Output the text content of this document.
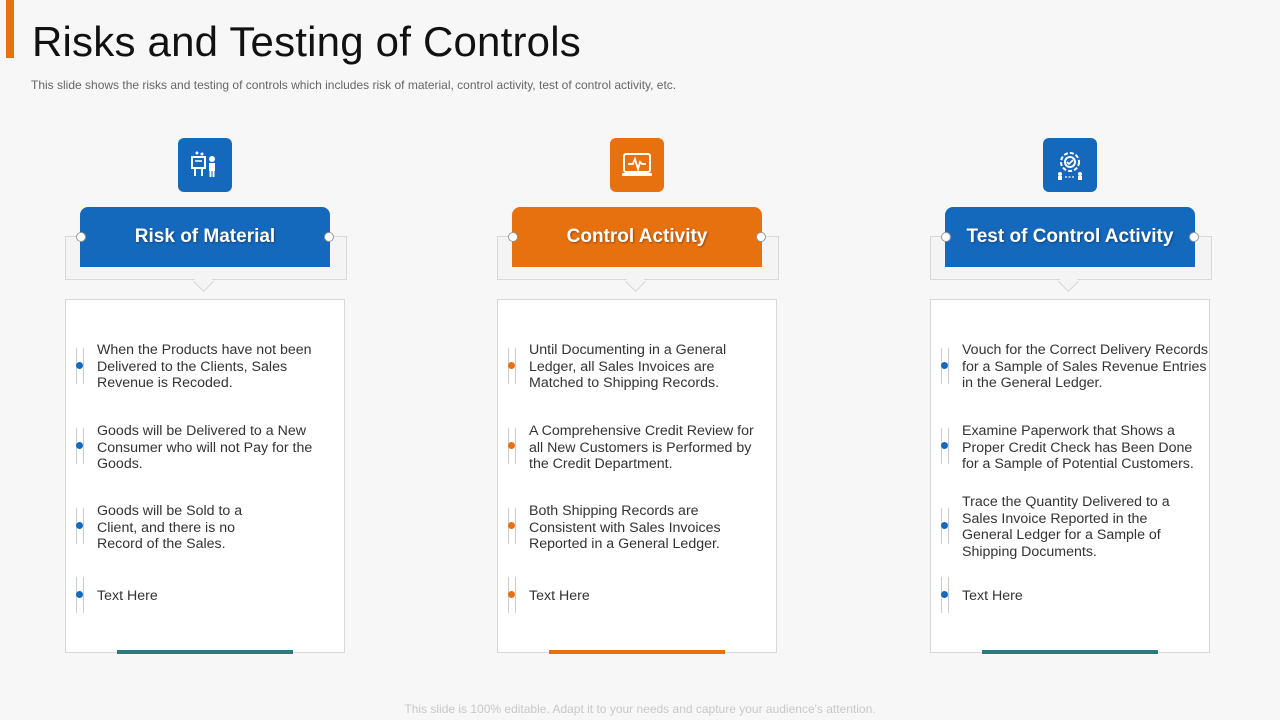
Risks and Testing of Controls
This slide shows the risks and testing of controls which includes risk of material, control activity, test of control activity, etc.
Risk of Material
When the Products have not been Delivered to the Clients, Sales Revenue is Recoded.
Goods will be Delivered to a New Consumer who will not Pay for the Goods.
Goods will be Sold to a Client, and there is no Record of the Sales.
Text Here
Control Activity
Until Documenting in a General Ledger, all Sales Invoices are Matched to Shipping Records.
A Comprehensive Credit Review for all New Customers is Performed by the Credit Department.
Both Shipping Records are Consistent with Sales Invoices Reported in a General Ledger.
Text Here
Test of Control Activity
Vouch for the Correct Delivery Records for a Sample of Sales Revenue Entries in the General Ledger.
Examine Paperwork that Shows a Proper Credit Check has Been Done for a Sample of Potential Customers.
Trace the Quantity Delivered to a Sales Invoice Reported in the General Ledger for a Sample of Shipping Documents.
Text Here
This slide is 100% editable. Adapt it to your needs and capture your audience's attention.
